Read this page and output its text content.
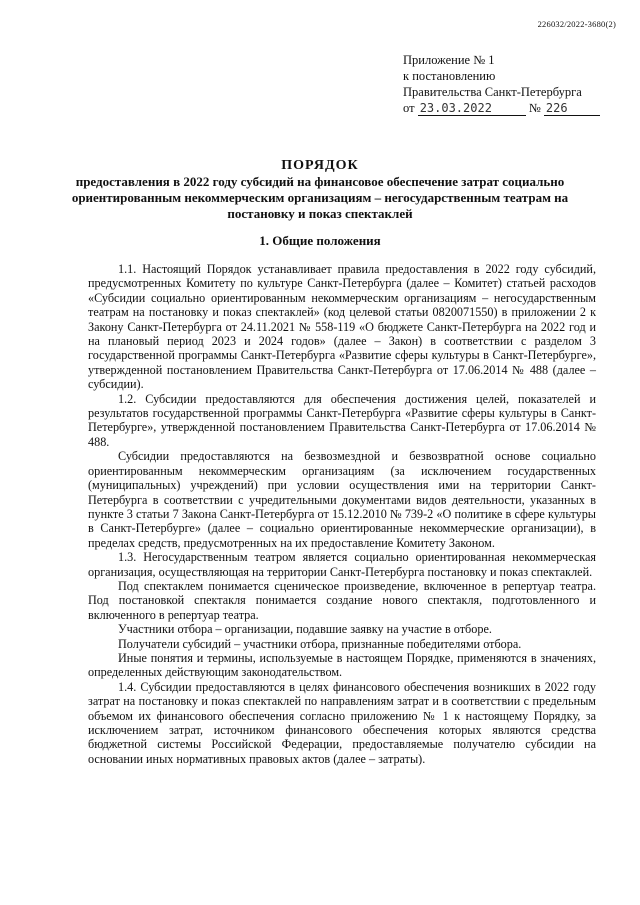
226032/2022-3680(2)
Приложение № 1
к постановлению
Правительства Санкт-Петербурга
от 23.03.2022	№ 226
ПОРЯДОК
предоставления в 2022 году субсидий на финансовое обеспечение затрат социально ориентированным некоммерческим организациям – негосударственным театрам на постановку и показ спектаклей
1. Общие положения

1.1. Настоящий Порядок устанавливает правила предоставления в 2022 году субсидий, предусмотренных Комитету по культуре Санкт-Петербурга (далее – Комитет) статьей расходов «Субсидии социально ориентированным некоммерческим организациям – негосударственным театрам на постановку и показ спектаклей» (код целевой статьи 0820071550) в приложении 2 к Закону Санкт-Петербурга от 24.11.2021 № 558-119 «О бюджете Санкт-Петербурга на 2022 год и на плановый период 2023 и 2024 годов» (далее – Закон) в соответствии с разделом 3 государственной программы Санкт-Петербурга «Развитие сферы культуры в Санкт-Петербурге», утвержденной постановлением Правительства Санкт-Петербурга от 17.06.2014 № 488 (далее – субсидии).

1.2. Субсидии предоставляются для обеспечения достижения целей, показателей и результатов государственной программы Санкт-Петербурга «Развитие сферы культуры в Санкт-Петербурге», утвержденной постановлением Правительства Санкт-Петербурга от 17.06.2014 № 488.

Субсидии предоставляются на безвозмездной и безвозвратной основе социально ориентированным некоммерческим организациям (за исключением государственных (муниципальных) учреждений) при условии осуществления ими на территории Санкт-Петербурга в соответствии с учредительными документами видов деятельности, указанных в пункте 3 статьи 7 Закона Санкт-Петербурга от 15.12.2010 № 739-2 «О политике в сфере культуры в Санкт-Петербурге» (далее – социально ориентированные некоммерческие организации), в пределах средств, предусмотренных на их предоставление Комитету Законом.

1.3. Негосударственным театром является социально ориентированная некоммерческая организация, осуществляющая на территории Санкт-Петербурга постановку и показ спектаклей.

Под спектаклем понимается сценическое произведение, включенное в репертуар театра. Под постановкой спектакля понимается создание нового спектакля, подготовленного и включенного в репертуар театра.

Участники отбора – организации, подавшие заявку на участие в отборе.

Получатели субсидий – участники отбора, признанные победителями отбора.

Иные понятия и термины, используемые в настоящем Порядке, применяются в значениях, определенных действующим законодательством.

1.4. Субсидии предоставляются в целях финансового обеспечения возникших в 2022 году затрат на постановку и показ спектаклей по направлениям затрат и в соответствии с предельным объемом их финансового обеспечения согласно приложению № 1 к настоящему Порядку, за исключением затрат, источником финансового обеспечения которых являются средства бюджетной системы Российской Федерации, предоставляемые получателю субсидии на основании иных нормативных правовых актов (далее – затраты).
